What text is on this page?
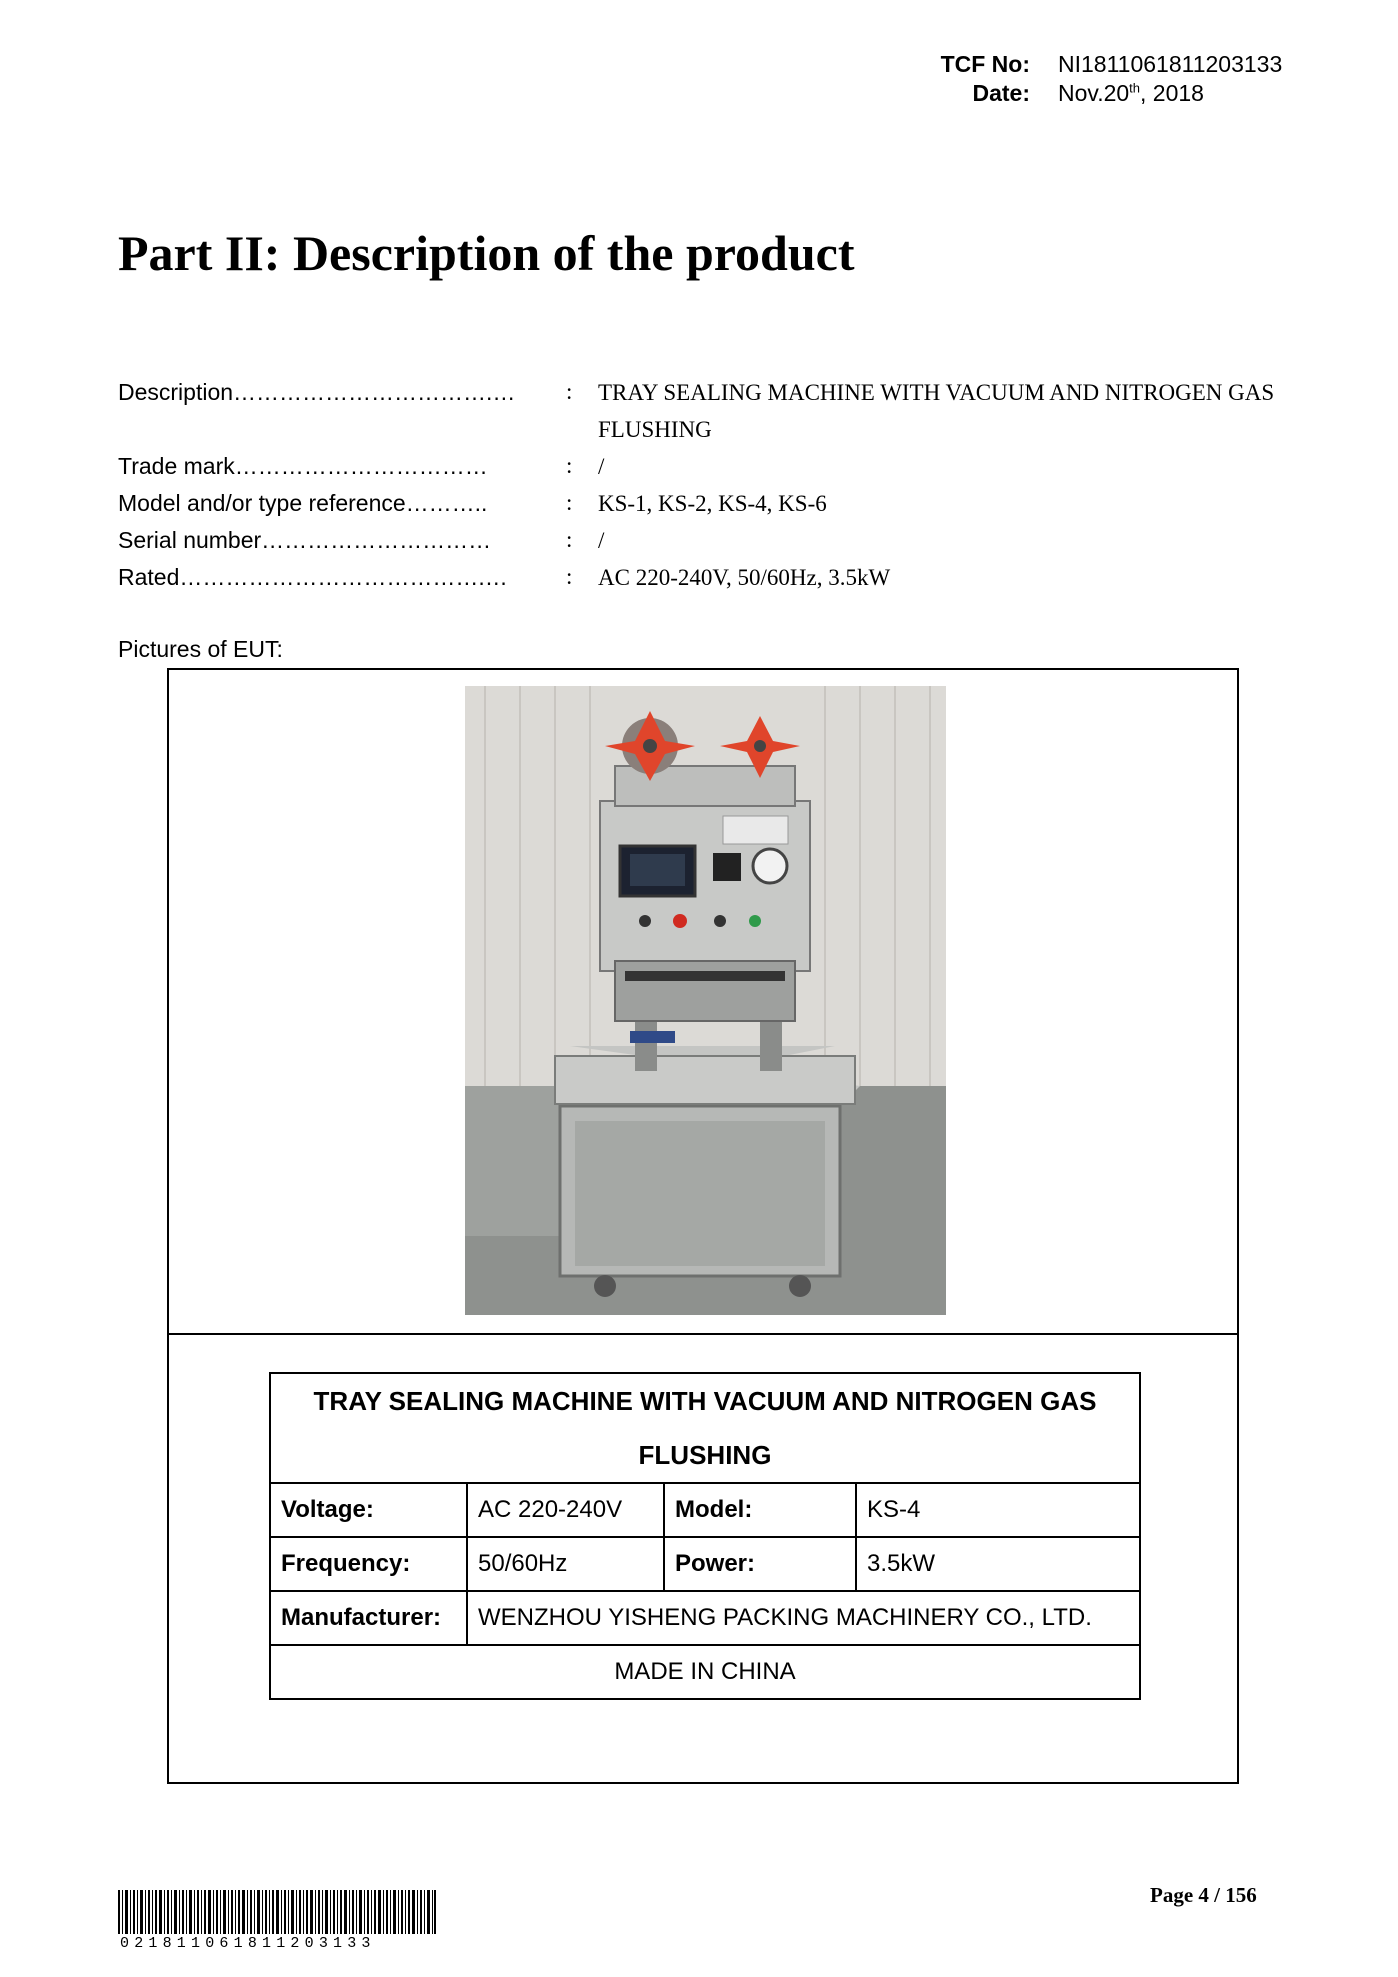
TCF No: NI1811061811203133
Date: Nov.20th, 2018
Part II: Description of the product
Description…………………………….…	: TRAY SEALING MACHINE WITH VACUUM AND NITROGEN GAS FLUSHING
Trade mark……………………………	: /
Model and/or type reference………..	: KS-1, KS-2, KS-4, KS-6
Serial number…………………………	: /
Rated………………………………….…	: AC 220-240V, 50/60Hz, 3.5kW
Pictures of EUT:
TRAY SEALING MACHINE WITH VACUUM AND NITROGEN GAS FLUSHING			
Voltage:	AC 220-240V	Model:	KS-4
Frequency:	50/60Hz	Power:	3.5kW
Manufacturer:	WENZHOU YISHENG PACKING MACHINERY CO., LTD.		
MADE IN CHINA			
021811061811203133
Page 4 / 156
